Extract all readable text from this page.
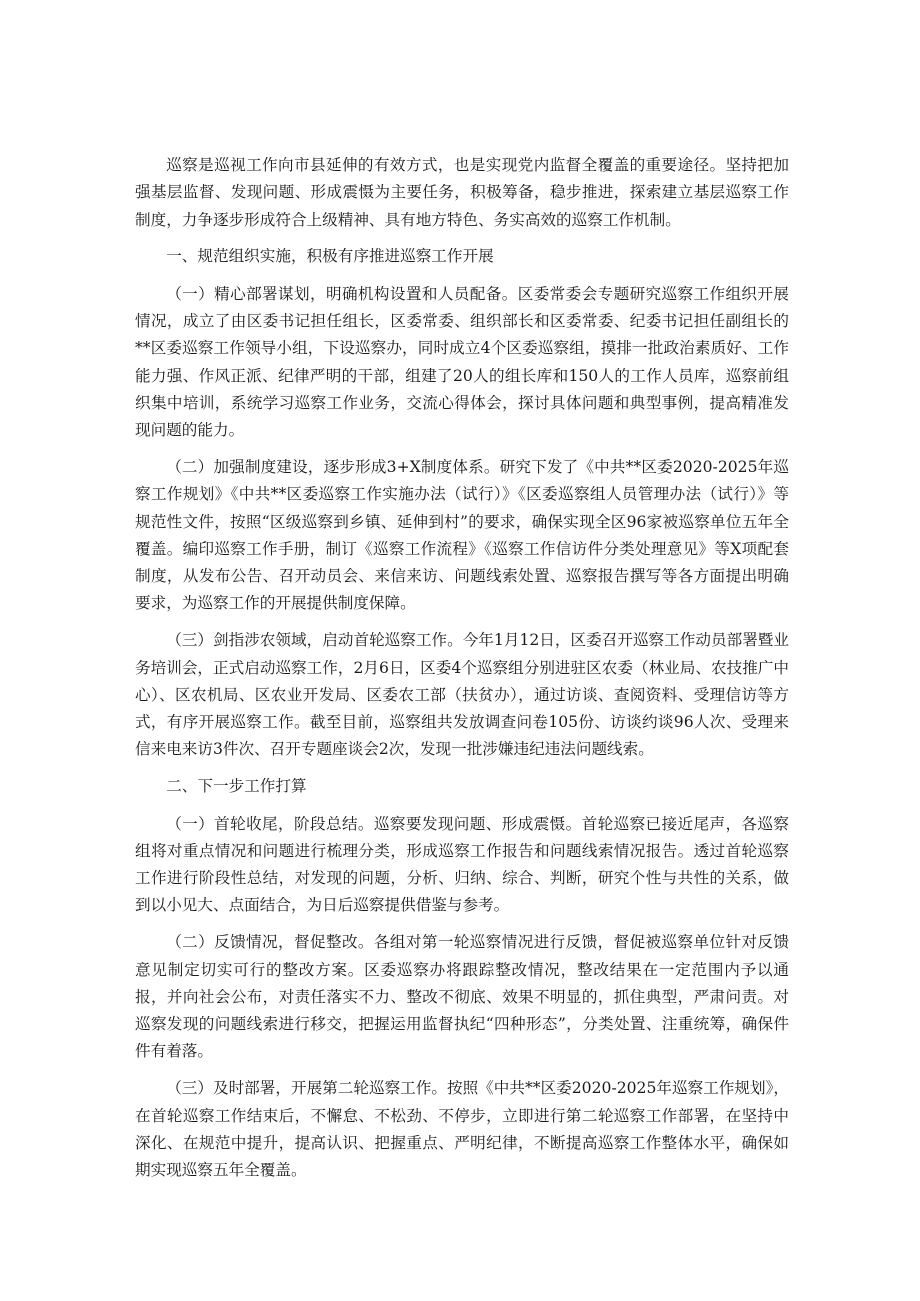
巡察是巡视工作向市县延伸的有效方式，也是实现党内监督全覆盖的重要途径。坚持把加强基层监督、发现问题、形成震慑为主要任务，积极筹备，稳步推进，探索建立基层巡察工作制度，力争逐步形成符合上级精神、具有地方特色、务实高效的巡察工作机制。

一、规范组织实施，积极有序推进巡察工作开展

（一）精心部署谋划，明确机构设置和人员配备。区委常委会专题研究巡察工作组织开展情况，成立了由区委书记担任组长，区委常委、组织部长和区委常委、纪委书记担任副组长的**区委巡察工作领导小组，下设巡察办，同时成立4个区委巡察组，摸排一批政治素质好、工作能力强、作风正派、纪律严明的干部，组建了20人的组长库和150人的工作人员库，巡察前组织集中培训，系统学习巡察工作业务，交流心得体会，探讨具体问题和典型事例，提高精准发现问题的能力。

（二）加强制度建设，逐步形成3+X制度体系。研究下发了《中共**区委2020-2025年巡察工作规划》《中共**区委巡察工作实施办法（试行）》《区委巡察组人员管理办法（试行）》等规范性文件，按照“区级巡察到乡镇、延伸到村”的要求，确保实现全区96家被巡察单位五年全覆盖。编印巡察工作手册，制订《巡察工作流程》《巡察工作信访件分类处理意见》等X项配套制度，从发布公告、召开动员会、来信来访、问题线索处置、巡察报告撰写等各方面提出明确要求，为巡察工作的开展提供制度保障。

（三）剑指涉农领域，启动首轮巡察工作。今年1月12日，区委召开巡察工作动员部署暨业务培训会，正式启动巡察工作，2月6日，区委4个巡察组分别进驻区农委（林业局、农技推广中心）、区农机局、区农业开发局、区委农工部（扶贫办），通过访谈、查阅资料、受理信访等方式，有序开展巡察工作。截至目前，巡察组共发放调查问卷105份、访谈约谈96人次、受理来信来电来访3件次、召开专题座谈会2次，发现一批涉嫌违纪违法问题线索。

二、下一步工作打算

（一）首轮收尾，阶段总结。巡察要发现问题、形成震慑。首轮巡察已接近尾声，各巡察组将对重点情况和问题进行梳理分类，形成巡察工作报告和问题线索情况报告。透过首轮巡察工作进行阶段性总结，对发现的问题，分析、归纳、综合、判断，研究个性与共性的关系，做到以小见大、点面结合，为日后巡察提供借鉴与参考。

（二）反馈情况，督促整改。各组对第一轮巡察情况进行反馈，督促被巡察单位针对反馈意见制定切实可行的整改方案。区委巡察办将跟踪整改情况，整改结果在一定范围内予以通报，并向社会公布，对责任落实不力、整改不彻底、效果不明显的，抓住典型，严肃问责。对巡察发现的问题线索进行移交，把握运用监督执纪“四种形态”，分类处置、注重统筹，确保件件有着落。

（三）及时部署，开展第二轮巡察工作。按照《中共**区委2020-2025年巡察工作规划》，在首轮巡察工作结束后，不懈怠、不松劲、不停步，立即进行第二轮巡察工作部署，在坚持中深化、在规范中提升，提高认识、把握重点、严明纪律，不断提高巡察工作整体水平，确保如期实现巡察五年全覆盖。
